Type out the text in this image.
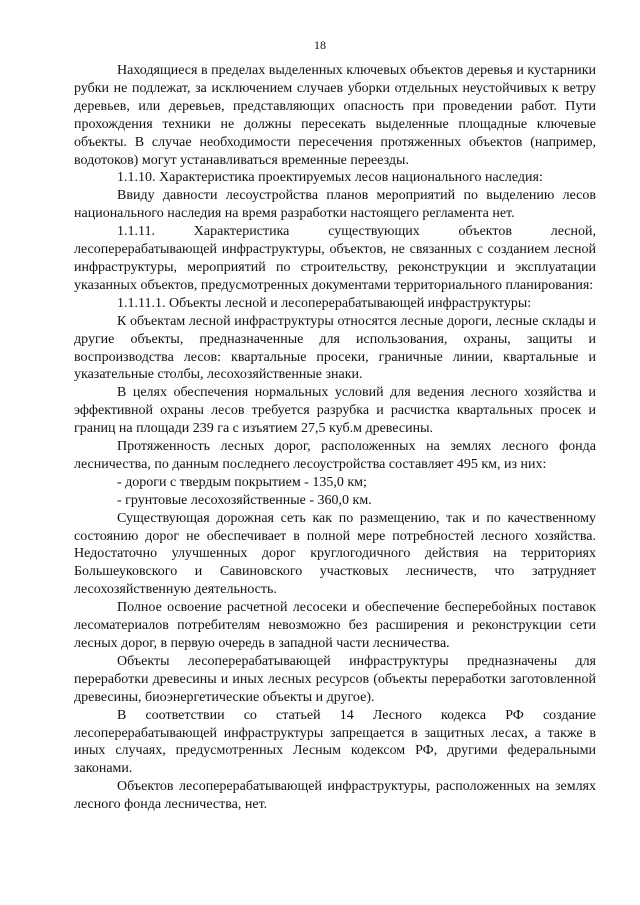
18

Находящиеся в пределах выделенных ключевых объектов деревья и кустарники рубки не подлежат, за исключением случаев уборки отдельных неустойчивых к ветру деревьев, или деревьев, представляющих опасность при проведении работ. Пути прохождения техники не должны пересекать выделенные площадные ключевые объекты. В случае необходимости пересечения протяженных объектов (например, водотоков) могут устанавливаться временные переезды.

1.1.10. Характеристика проектируемых лесов национального наследия:

Ввиду давности лесоустройства планов мероприятий по выделению лесов национального наследия на время разработки настоящего регламента нет.

1.1.11. Характеристика существующих объектов лесной, лесоперерабатывающей инфраструктуры, объектов, не связанных с созданием лесной инфраструктуры, мероприятий по строительству, реконструкции и эксплуатации указанных объектов, предусмотренных документами территориального планирования:

1.1.11.1. Объекты лесной и лесоперерабатывающей инфраструктуры:

К объектам лесной инфраструктуры относятся лесные дороги, лесные склады и другие объекты, предназначенные для использования, охраны, защиты и воспроизводства лесов: квартальные просеки, граничные линии, квартальные и указательные столбы, лесохозяйственные знаки.

В целях обеспечения нормальных условий для ведения лесного хозяйства и эффективной охраны лесов требуется разрубка и расчистка квартальных просек и границ на площади 239 га с изъятием 27,5 куб.м древесины.

Протяженность лесных дорог, расположенных на землях лесного фонда лесничества, по данным последнего лесоустройства составляет 495 км, из них:

- дороги с твердым покрытием - 135,0 км;

- грунтовые лесохозяйственные - 360,0 км.

Существующая дорожная сеть как по размещению, так и по качественному состоянию дорог не обеспечивает в полной мере потребностей лесного хозяйства. Недостаточно улучшенных дорог круглогодичного действия на территориях Большеуковского и Савиновского участковых лесничеств, что затрудняет лесохозяйственную деятельность.

Полное освоение расчетной лесосеки и обеспечение бесперебойных поставок лесоматериалов потребителям невозможно без расширения и реконструкции сети лесных дорог, в первую очередь в западной части лесничества.

Объекты лесоперерабатывающей инфраструктуры предназначены для переработки древесины и иных лесных ресурсов (объекты переработки заготовленной древесины, биоэнергетические объекты и другое).

В соответствии со статьей 14 Лесного кодекса РФ создание лесоперерабатывающей инфраструктуры запрещается в защитных лесах, а также в иных случаях, предусмотренных Лесным кодексом РФ, другими федеральными законами.

Объектов лесоперерабатывающей инфраструктуры, расположенных на землях лесного фонда лесничества, нет.
